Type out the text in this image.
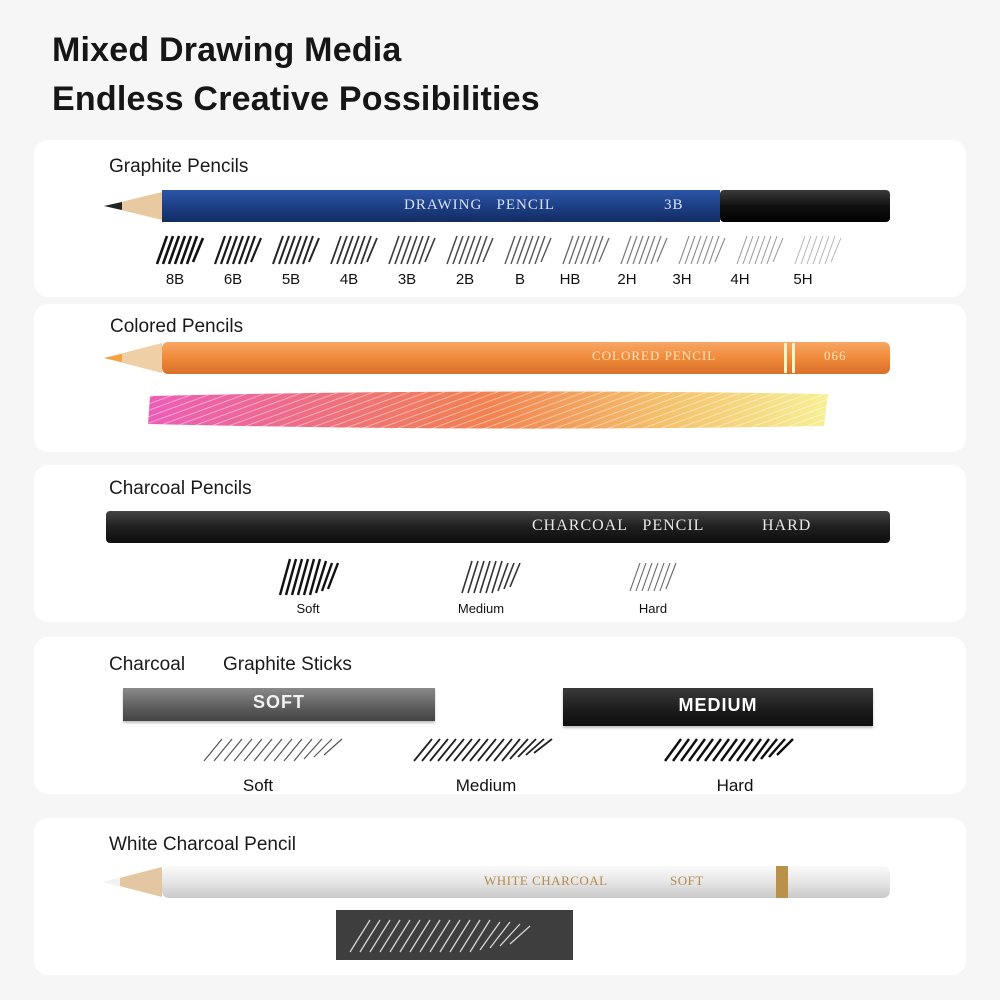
Mixed Drawing Media
Endless Creative Possibilities
Graphite Pencils
DRAWING   PENCIL	3B
8B	6B	5B	4B	3B	2B	B	HB	2H	3H	4H	5H
Colored Pencils
COLORED PENCIL	066
Charcoal Pencils
CHARCOAL   PENCIL	HARD
Soft	Medium	Hard
Charcoal Graphite Sticks
SOFT	MEDIUM
Soft	Medium	Hard
White Charcoal Pencil
WHITE CHARCOAL	SOFT
